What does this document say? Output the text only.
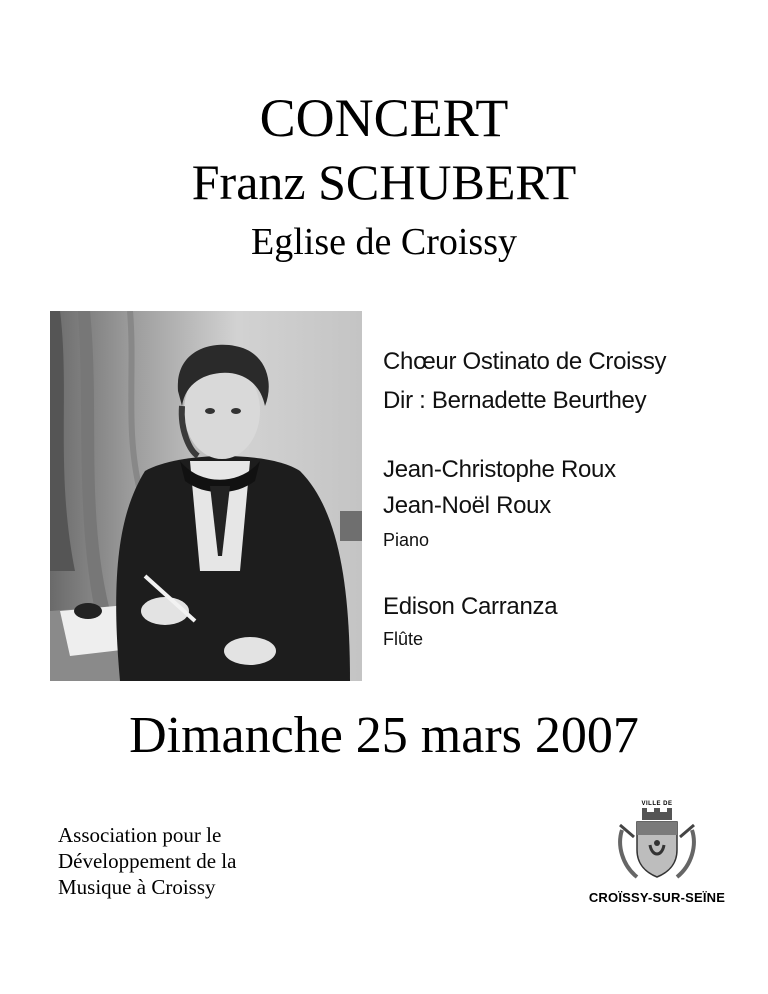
CONCERT
Franz SCHUBERT
Eglise de Croissy
Chœur Ostinato de Croissy
Dir : Bernadette Beurthey
Jean-Christophe Roux
Jean-Noël Roux
Piano
Edison Carranza
Flûte
Dimanche 25 mars 2007
Association pour le
Développement de la
Musique à Croissy
VILLE DE
CROÏSSY-SUR-SEÏNE
